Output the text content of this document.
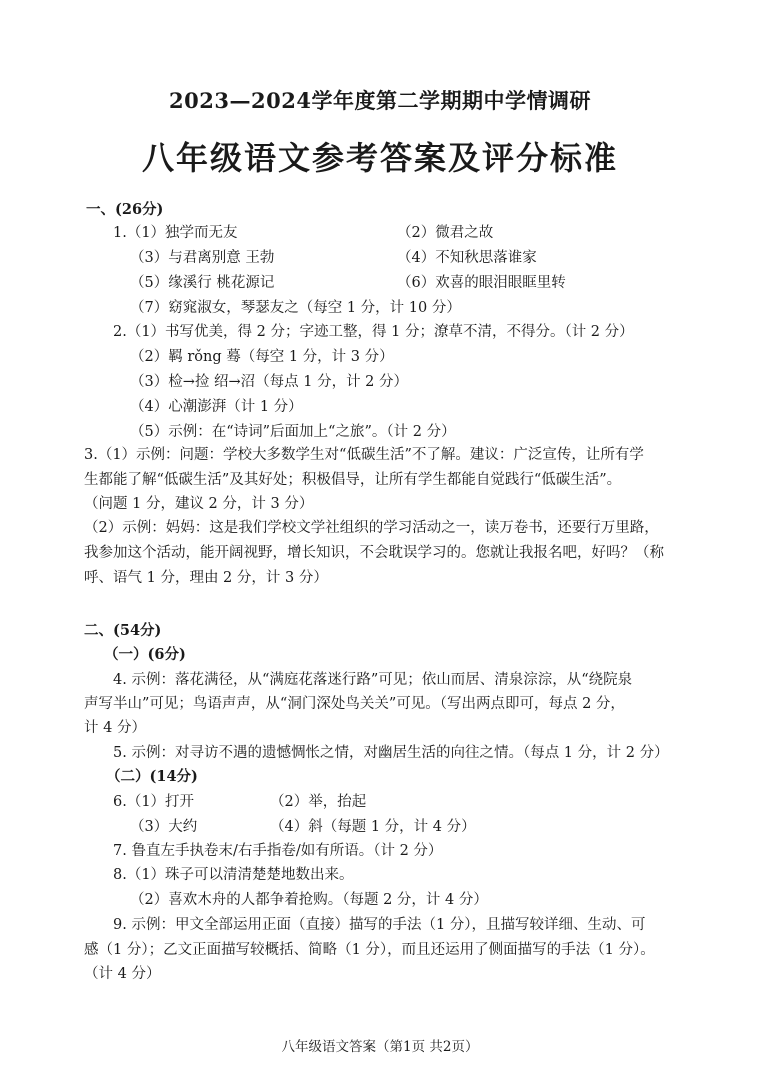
2023—2024学年度第二学期期中学情调研
八年级语文参考答案及评分标准
一、(26分)
1.（1）独学而无友	（2）微君之故
（3）与君离别意 王勃	（4）不知秋思落谁家
（5）缘溪行 桃花源记	（6）欢喜的眼泪眼眶里转
（7）窈窕淑女，琴瑟友之（每空 1 分，计 10 分）
2.（1）书写优美，得 2 分；字迹工整，得 1 分；潦草不清，不得分。（计 2 分）
（2）羁 rǒng 蓦（每空 1 分，计 3 分）
（3）检→捡 绍→沼（每点 1 分，计 2 分）
（4）心潮澎湃（计 1 分）
（5）示例：在“诗词”后面加上“之旅”。（计 2 分）
3.（1）示例：问题：学校大多数学生对“低碳生活”不了解。建议：广泛宣传，让所有学
生都能了解“低碳生活”及其好处；积极倡导，让所有学生都能自觉践行“低碳生活”。
（问题 1 分，建议 2 分，计 3 分）
（2）示例：妈妈：这是我们学校文学社组织的学习活动之一，读万卷书，还要行万里路，
我参加这个活动，能开阔视野，增长知识，不会耽误学习的。您就让我报名吧，好吗？（称
呼、语气 1 分，理由 2 分，计 3 分）
二、(54分)
（一）(6分)
4. 示例：落花满径，从“满庭花落迷行路”可见；依山而居、清泉淙淙，从“绕院泉
声写半山”可见；鸟语声声，从“洞门深处鸟关关”可见。（写出两点即可，每点 2 分，
计 4 分）
5. 示例：对寻访不遇的遗憾惆怅之情，对幽居生活的向往之情。（每点 1 分，计 2 分）
（二）(14分)
6.（1）打开	（2）举，抬起
（3）大约	（4）斜（每题 1 分，计 4 分）
7. 鲁直左手执卷末/右手指卷/如有所语。（计 2 分）
8.（1）珠子可以清清楚楚地数出来。
（2）喜欢木舟的人都争着抢购。（每题 2 分，计 4 分）
9. 示例：甲文全部运用正面（直接）描写的手法（1 分），且描写较详细、生动、可
感（1 分）；乙文正面描写较概括、简略（1 分），而且还运用了侧面描写的手法（1 分）。
（计 4 分）
八年级语文答案（第1页 共2页）
